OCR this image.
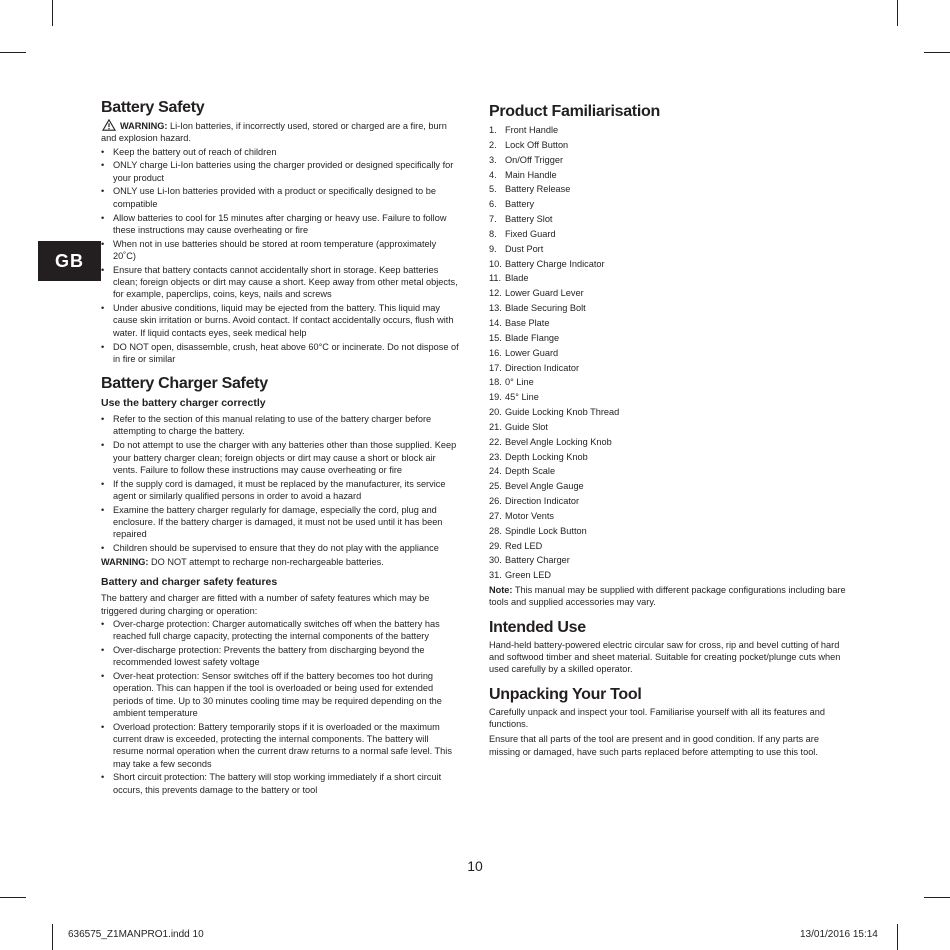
GB
Battery Safety

WARNING: Li-Ion batteries, if incorrectly used, stored or charged are a fire, burn and explosion hazard.

• Keep the battery out of reach of children
• ONLY charge Li-Ion batteries using the charger provided or designed specifically for your product
• ONLY use Li-Ion batteries provided with a product or specifically designed to be compatible
• Allow batteries to cool for 15 minutes after charging or heavy use. Failure to follow these instructions may cause overheating or fire
• When not in use batteries should be stored at room temperature (approximately 20˚C)
• Ensure that battery contacts cannot accidentally short in storage. Keep batteries clean; foreign objects or dirt may cause a short. Keep away from other metal objects, for example, paperclips, coins, keys, nails and screws
• Under abusive conditions, liquid may be ejected from the battery. This liquid may cause skin irritation or burns. Avoid contact. If contact accidentally occurs, flush with water. If liquid contacts eyes, seek medical help
• DO NOT open, disassemble, crush, heat above 60°C or incinerate. Do not dispose of in fire or similar
Battery Charger Safety
Use the battery charger correctly
• Refer to the section of this manual relating to use of the battery charger before attempting to charge the battery.
• Do not attempt to use the charger with any batteries other than those supplied. Keep your battery charger clean; foreign objects or dirt may cause a short or block air vents. Failure to follow these instructions may cause overheating or fire
• If the supply cord is damaged, it must be replaced by the manufacturer, its service agent or similarly qualified persons in order to avoid a hazard
• Examine the battery charger regularly for damage, especially the cord, plug and enclosure. If the battery charger is damaged, it must not be used until it has been repaired
• Children should be supervised to ensure that they do not play with the appliance

WARNING: DO NOT attempt to recharge non-rechargeable batteries.

Battery and charger safety features

The battery and charger are fitted with a number of safety features which may be triggered during charging or operation:

• Over-charge protection: Charger automatically switches off when the battery has reached full charge capacity, protecting the internal components of the battery
• Over-discharge protection: Prevents the battery from discharging beyond the recommended lowest safety voltage
• Over-heat protection: Sensor switches off if the battery becomes too hot during operation. This can happen if the tool is overloaded or being used for extended periods of time. Up to 30 minutes cooling time may be required depending on the ambient temperature
• Overload protection: Battery temporarily stops if it is overloaded or the maximum current draw is exceeded, protecting the internal components. The battery will resume normal operation when the current draw returns to a normal safe level. This may take a few seconds
• Short circuit protection: The battery will stop working immediately if a short circuit occurs, this prevents damage to the battery or tool
Product Familiarisation
1. Front Handle
2. Lock Off Button
3. On/Off Trigger
4. Main Handle
5. Battery Release
6. Battery
7. Battery Slot
8. Fixed Guard
9. Dust Port
10. Battery Charge Indicator
11. Blade
12. Lower Guard Lever
13. Blade Securing Bolt
14. Base Plate
15. Blade Flange
16. Lower Guard
17. Direction Indicator
18. 0° Line
19. 45° Line
20. Guide Locking Knob Thread
21. Guide Slot
22. Bevel Angle Locking Knob
23. Depth Locking Knob
24. Depth Scale
25. Bevel Angle Gauge
26. Direction Indicator
27. Motor Vents
28. Spindle Lock Button
29. Red LED
30. Battery Charger
31. Green LED

Note: This manual may be supplied with different package configurations including bare tools and supplied accessories may vary.

Intended Use

Hand-held battery-powered electric circular saw for cross, rip and bevel cutting of hard and softwood timber and sheet material. Suitable for creating pocket/plunge cuts when used carefully by a skilled operator.

Unpacking Your Tool

Carefully unpack and inspect your tool. Familiarise yourself with all its features and functions.

Ensure that all parts of the tool are present and in good condition. If any parts are missing or damaged, have such parts replaced before attempting to use this tool.

10
636575_Z1MANPRO1.indd 10	13/01/2016 15:14
